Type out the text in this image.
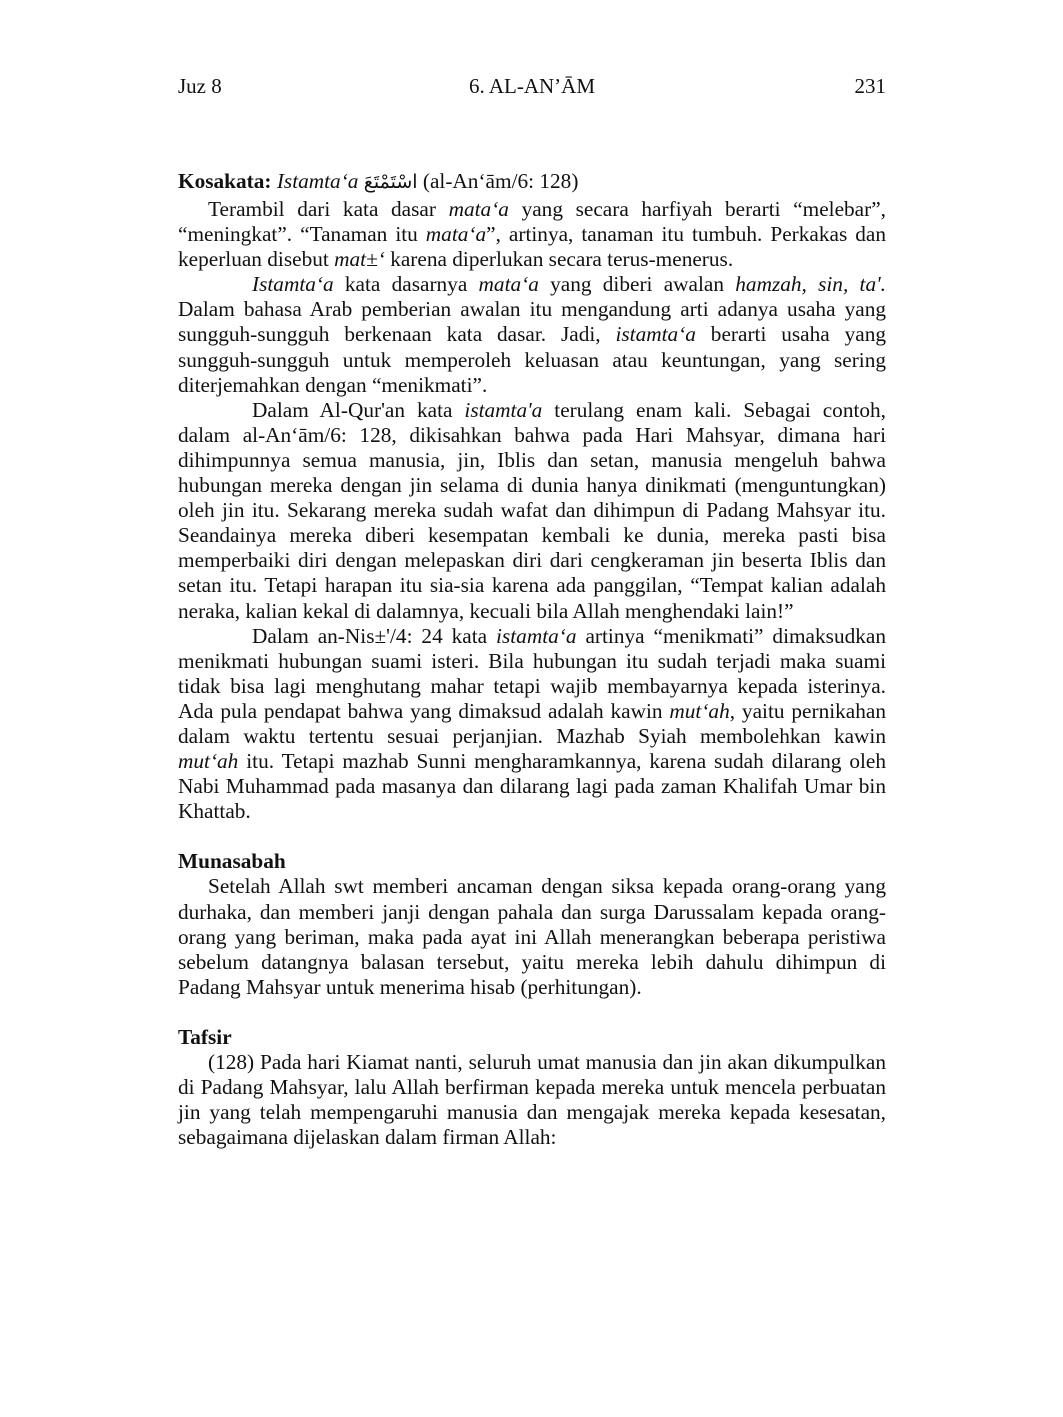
Juz 8	6. AL-AN’ĀM	231

Kosakata: Istamta‘a اسْتَمْتَعَ (al-An‘ām/6: 128)

Terambil dari kata dasar mata‘a yang secara harfiyah berarti “melebar”, “meningkat”. “Tanaman itu mata‘a”, artinya, tanaman itu tumbuh. Perkakas dan keperluan disebut mat±‘ karena diperlukan secara terus-menerus.

Istamta‘a kata dasarnya mata‘a yang diberi awalan hamzah, sin, ta'. Dalam bahasa Arab pemberian awalan itu mengandung arti adanya usaha yang sungguh-sungguh berkenaan kata dasar. Jadi, istamta‘a berarti usaha yang sungguh-sungguh untuk memperoleh keluasan atau keuntungan, yang sering diterjemahkan dengan “menikmati”.

Dalam Al-Qur'an kata istamta'a terulang enam kali. Sebagai contoh, dalam al-An‘ām/6: 128, dikisahkan bahwa pada Hari Mahsyar, dimana hari dihimpunnya semua manusia, jin, Iblis dan setan, manusia mengeluh bahwa hubungan mereka dengan jin selama di dunia hanya dinikmati (menguntungkan) oleh jin itu. Sekarang mereka sudah wafat dan dihimpun di Padang Mahsyar itu. Seandainya mereka diberi kesempatan kembali ke dunia, mereka pasti bisa memperbaiki diri dengan melepaskan diri dari cengkeraman jin beserta Iblis dan setan itu. Tetapi harapan itu sia-sia karena ada panggilan, “Tempat kalian adalah neraka, kalian kekal di dalamnya, kecuali bila Allah menghendaki lain!”

Dalam an-Nis±'/4: 24 kata istamta‘a artinya “menikmati” dimaksudkan menikmati hubungan suami isteri. Bila hubungan itu sudah terjadi maka suami tidak bisa lagi menghutang mahar tetapi wajib membayarnya kepada isterinya. Ada pula pendapat bahwa yang dimaksud adalah kawin mut‘ah, yaitu pernikahan dalam waktu tertentu sesuai perjanjian. Mazhab Syiah membolehkan kawin mut‘ah itu. Tetapi mazhab Sunni mengharamkannya, karena sudah dilarang oleh Nabi Muhammad pada masanya dan dilarang lagi pada zaman Khalifah Umar bin Khattab.

Munasabah

Setelah Allah swt memberi ancaman dengan siksa kepada orang-orang yang durhaka, dan memberi janji dengan pahala dan surga Darussalam kepada orang-orang yang beriman, maka pada ayat ini Allah menerangkan beberapa peristiwa sebelum datangnya balasan tersebut, yaitu mereka lebih dahulu dihimpun di Padang Mahsyar untuk menerima hisab (perhitungan).

Tafsir

(128) Pada hari Kiamat nanti, seluruh umat manusia dan jin akan dikumpulkan di Padang Mahsyar, lalu Allah berfirman kepada mereka untuk mencela perbuatan jin yang telah mempengaruhi manusia dan mengajak mereka kepada kesesatan, sebagaimana dijelaskan dalam firman Allah:
